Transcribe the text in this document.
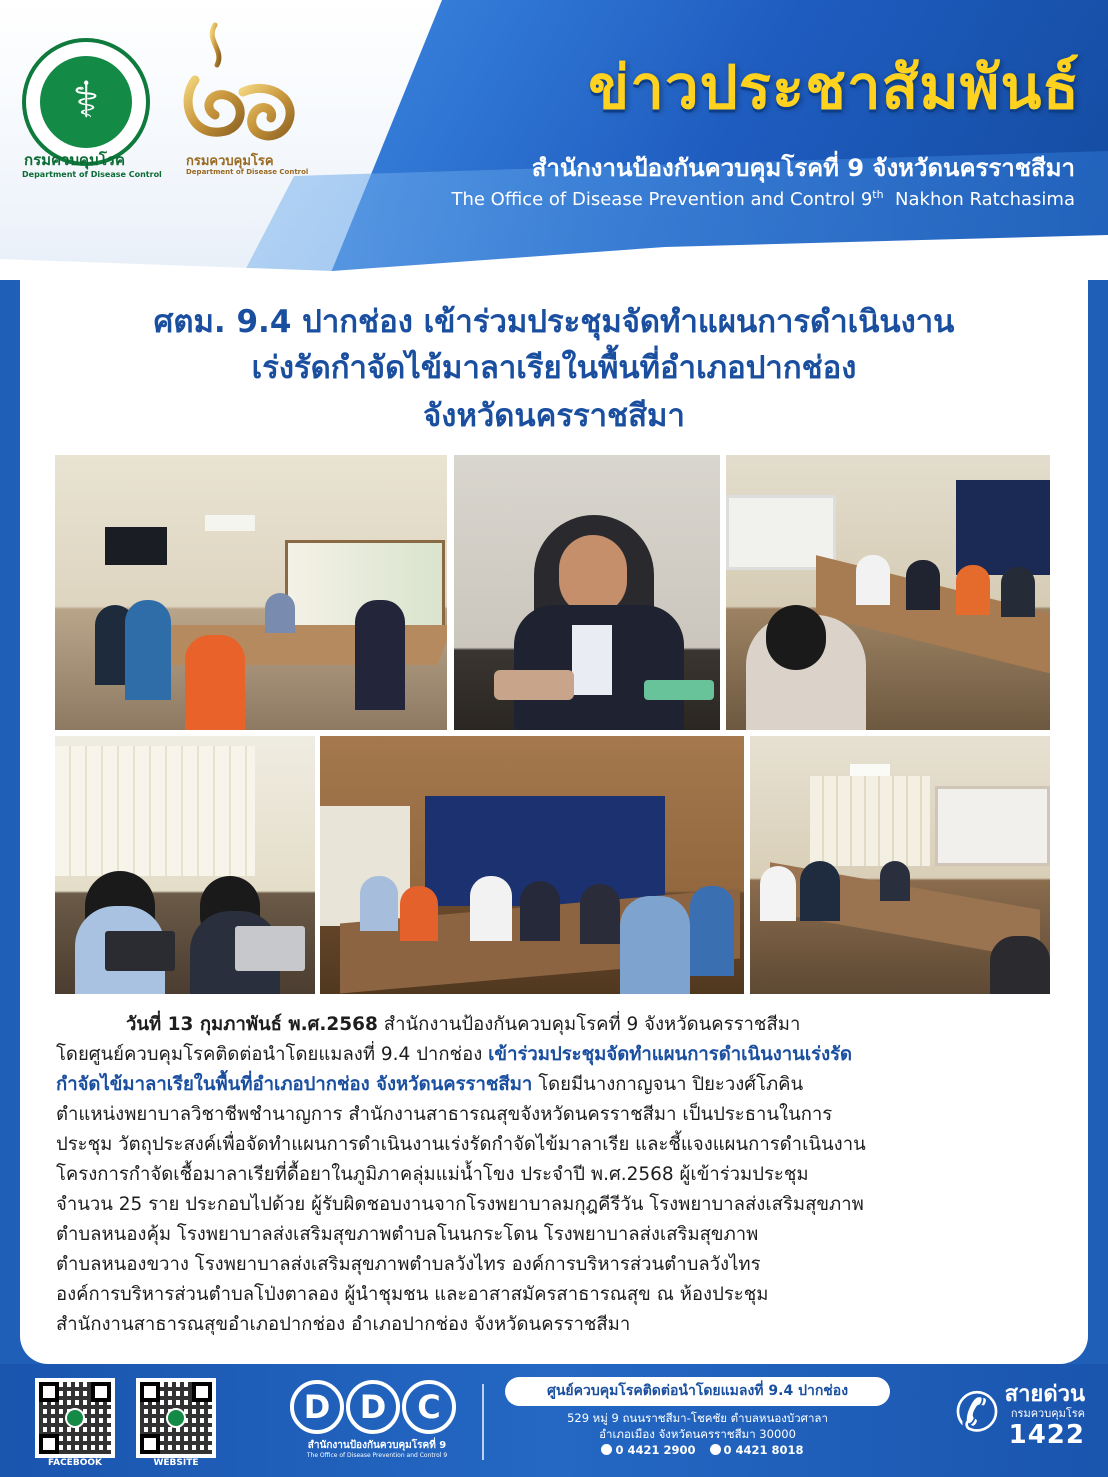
⚕
กรมควบคุมโรค
Department of Disease Control
กรมควบคุมโรค
Department of Disease Control
ข่าวประชาสัมพันธ์
สำนักงานป้องกันควบคุมโรคที่ 9 จังหวัดนครราชสีมา
The Office of Disease Prevention and Control 9th Nakhon Ratchasima
ศตม. 9.4 ปากช่อง เข้าร่วมประชุมจัดทำแผนการดำเนินงาน
เร่งรัดกำจัดไข้มาลาเรียในพื้นที่อำเภอปากช่อง
จังหวัดนครราชสีมา
วันที่ 13 กุมภาพันธ์ พ.ศ.2568 สำนักงานป้องกันควบคุมโรคที่ 9 จังหวัดนครราชสีมา
โดยศูนย์ควบคุมโรคติดต่อนำโดยแมลงที่ 9.4 ปากช่อง เข้าร่วมประชุมจัดทำแผนการดำเนินงานเร่งรัด
กำจัดไข้มาลาเรียในพื้นที่อำเภอปากช่อง จังหวัดนครราชสีมา โดยมีนางกาญจนา ปิยะวงศ์โภคิน
ตำแหน่งพยาบาลวิชาชีพชำนาญการ สำนักงานสาธารณสุขจังหวัดนครราชสีมา เป็นประธานในการ
ประชุม วัตถุประสงค์เพื่อจัดทำแผนการดำเนินงานเร่งรัดกำจัดไข้มาลาเรีย และชี้แจงแผนการดำเนินงาน
โครงการกำจัดเชื้อมาลาเรียที่ดื้อยาในภูมิภาคลุ่มแม่น้ำโขง ประจำปี พ.ศ.2568 ผู้เข้าร่วมประชุม
จำนวน 25 ราย ประกอบไปด้วย ผู้รับผิดชอบงานจากโรงพยาบาลมกุฎคีรีวัน โรงพยาบาลส่งเสริมสุขภาพ
ตำบลหนองคุ้ม โรงพยาบาลส่งเสริมสุขภาพตำบลโนนกระโดน โรงพยาบาลส่งเสริมสุขภาพ
ตำบลหนองขวาง โรงพยาบาลส่งเสริมสุขภาพตำบลวังไทร องค์การบริหารส่วนตำบลวังไทร
องค์การบริหารส่วนตำบลโป่งตาลอง ผู้นำชุมชน และอาสาสมัครสาธารณสุข ณ ห้องประชุม
สำนักงานสาธารณสุขอำเภอปากช่อง อำเภอปากช่อง จังหวัดนครราชสีมา
FACEBOOK	WEBSITE
D D C
สำนักงานป้องกันควบคุมโรคที่ 9
The Office of Disease Prevention and Control 9
ศูนย์ควบคุมโรคติดต่อนำโดยแมลงที่ 9.4 ปากช่อง
529 หมู่ 9 ถนนราชสีมา-โชคชัย ตำบลหนองบัวศาลา
อำเภอเมือง จังหวัดนครราชสีมา 30000
0 4421 2900 0 4421 8018
✆ สายด่วน
กรมควบคุมโรค
1422
